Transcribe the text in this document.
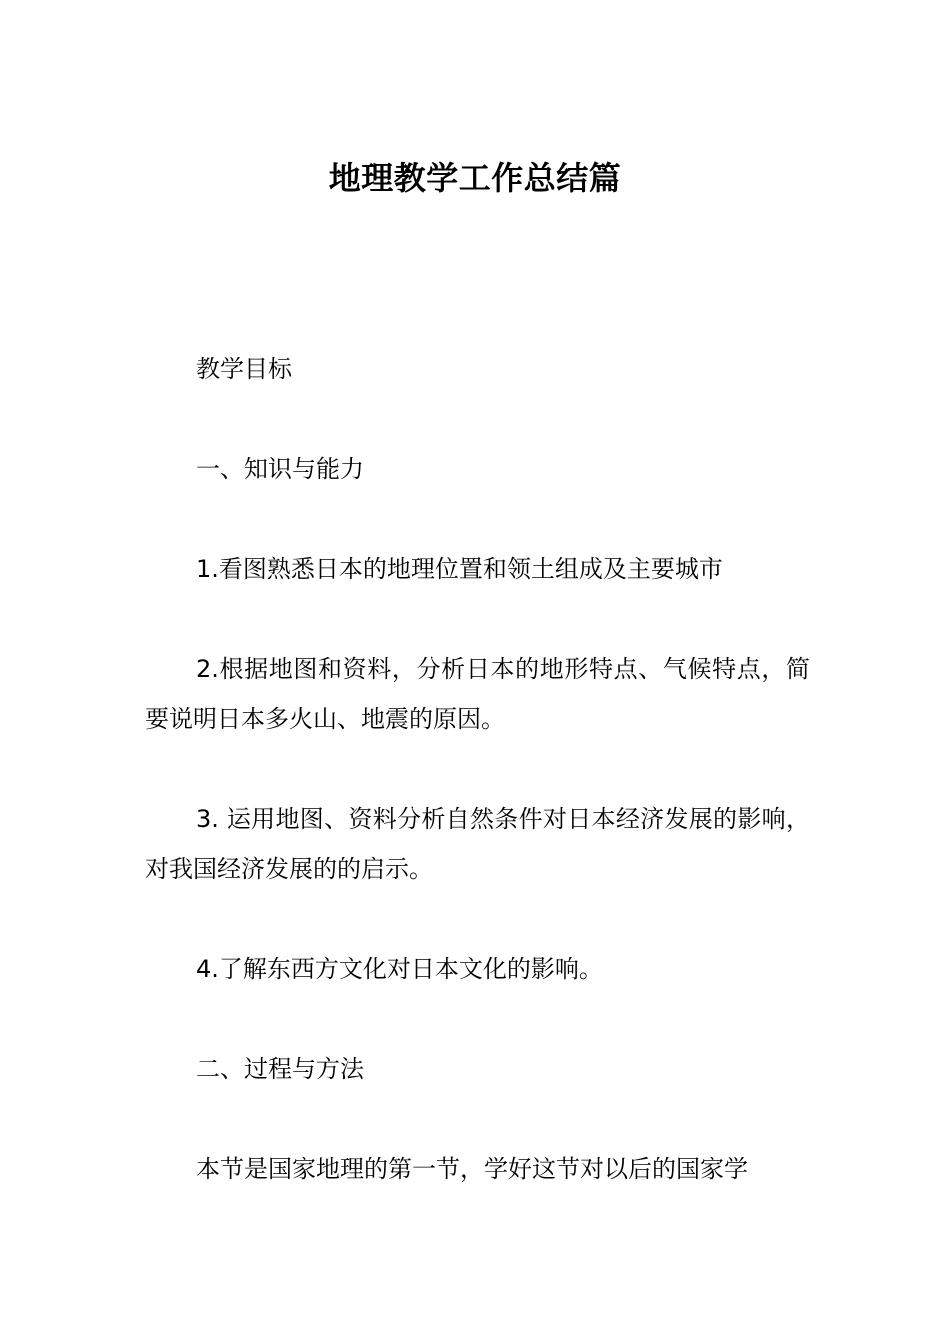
地理教学工作总结篇
教学目标
一、知识与能力
1.看图熟悉日本的地理位置和领土组成及主要城市
2.根据地图和资料，分析日本的地形特点、气候特点，简要说明日本多火山、地震的原因。
3. 运用地图、资料分析自然条件对日本经济发展的影响，对我国经济发展的的启示。
4.了解东西方文化对日本文化的影响。
二、过程与方法
本节是国家地理的第一节，学好这节对以后的国家学
